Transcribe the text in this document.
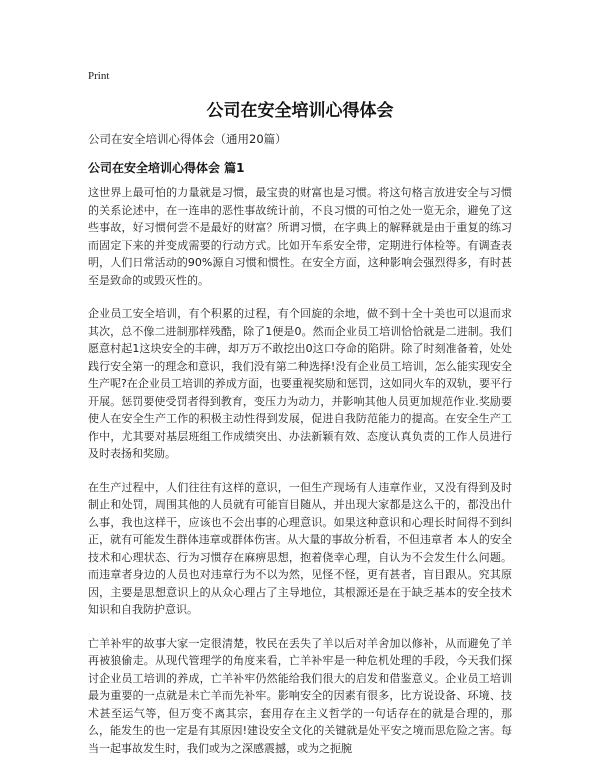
Print
公司在安全培训心得体会
公司在安全培训心得体会（通用20篇）
公司在安全培训心得体会 篇1

这世界上最可怕的力量就是习惯，最宝贵的财富也是习惯。将这句格言放进安全与习惯的关系论述中，在一连串的恶性事故统计前，不良习惯的可怕之处一览无余，避免了这些事故，好习惯何尝不是最好的财富？所谓习惯，在字典上的解释就是由于重复的练习而固定下来的并变成需要的行动方式。比如开车系安全带，定期进行体检等。有调查表明，人们日常活动的90%源自习惯和惯性。在安全方面，这种影响会强烈得多，有时甚至是致命的或毁灭性的。

企业员工安全培训，有个积累的过程，有个回旋的余地，做不到十全十美也可以退而求其次，总不像二进制那样残酷，除了1便是0。然而企业员工培训恰恰就是二进制。我们愿意村起1这块安全的丰碑，却万万不敢挖出0这口夺命的陷阱。除了时刻准备着，处处践行安全第一的理念和意识，我们没有第二种选择!没有企业员工培训，怎么能实现安全生产呢?在企业员工培训的养成方面，也要重视奖励和惩罚，这如同火车的双轨，要平行开展。惩罚要使受罚者得到教育，变压力为动力，并影响其他人员更加规范作业.奖励要使人在安全生产工作的积极主动性得到发展，促进自我防范能力的提高。在安全生产工作中，尤其要对基层班组工作成绩突出、办法新颖有效、态度认真负责的工作人员进行及时表扬和奖励。

在生产过程中，人们往往有这样的意识，一但生产现场有人违章作业，又没有得到及时制止和处罚，周围其他的人员就有可能盲目随从，并出现大家都是这么干的，都没出什么事，我也这样干，应该也不会出事的心理意识。如果这种意识和心理长时间得不到纠正，就有可能发生群体违章或群体伤害。从大量的事故分析看，不但违章者 本人的安全技术和心理状态、行为习惯存在麻痹思想，抱着侥幸心理，自认为不会发生什么问题。而违章者身边的人员也对违章行为不以为然，见怪不怪，更有甚者，盲目跟从。究其原因，主要是思想意识上的从众心理占了主导地位，其根源还是在于缺乏基本的安全技术知识和自我防护意识。

亡羊补牢的故事大家一定很清楚，牧民在丢失了羊以后对羊舍加以修补，从而避免了羊再被狼偷走。从现代管理学的角度来看，亡羊补牢是一种危机处理的手段，今天我们探讨企业员工培训的养成，亡羊补牢仍然能给我们很大的启发和借鉴意义。企业员工培训最为重要的一点就是未亡羊而先补牢。影响安全的因素有很多，比方说设备、环境、技术甚至运气等，但万变不离其宗，套用存在主义哲学的一句话存在的就是合理的，那么，能发生的也一定是有其原因!建设安全文化的关键就是处平安之境而思危险之害。每当一起事故发生时，我们或为之深感震撼，或为之扼腕
